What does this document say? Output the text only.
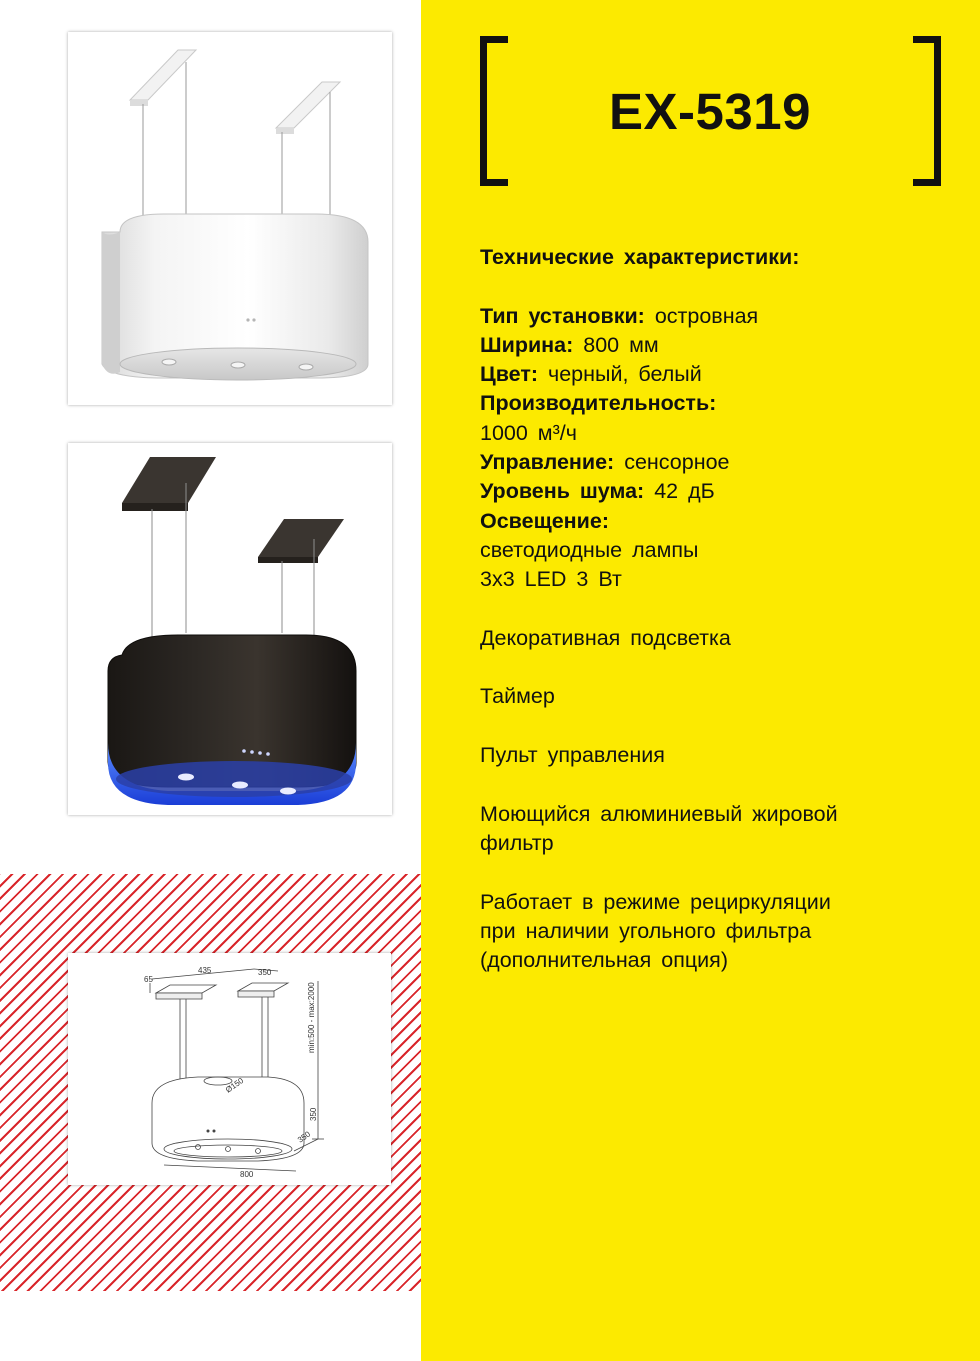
65
435	350
min:500 - max:2000
350
350
800
Ø150
EX-5319
Технические характеристики:
Тип установки: островная
Ширина: 800 мм
Цвет: черный, белый
Производительность:
1000 м³/ч
Управление: сенсорное
Уровень шума: 42 дБ
Освещение:
светодиодные лампы
3х3 LED 3 Вт
Декоративная подсветка
Таймер
Пульт управления
Моющийся алюминиевый жировой
фильтр
Работает в режиме рециркуляции
при наличии угольного фильтра
(дополнительная опция)
